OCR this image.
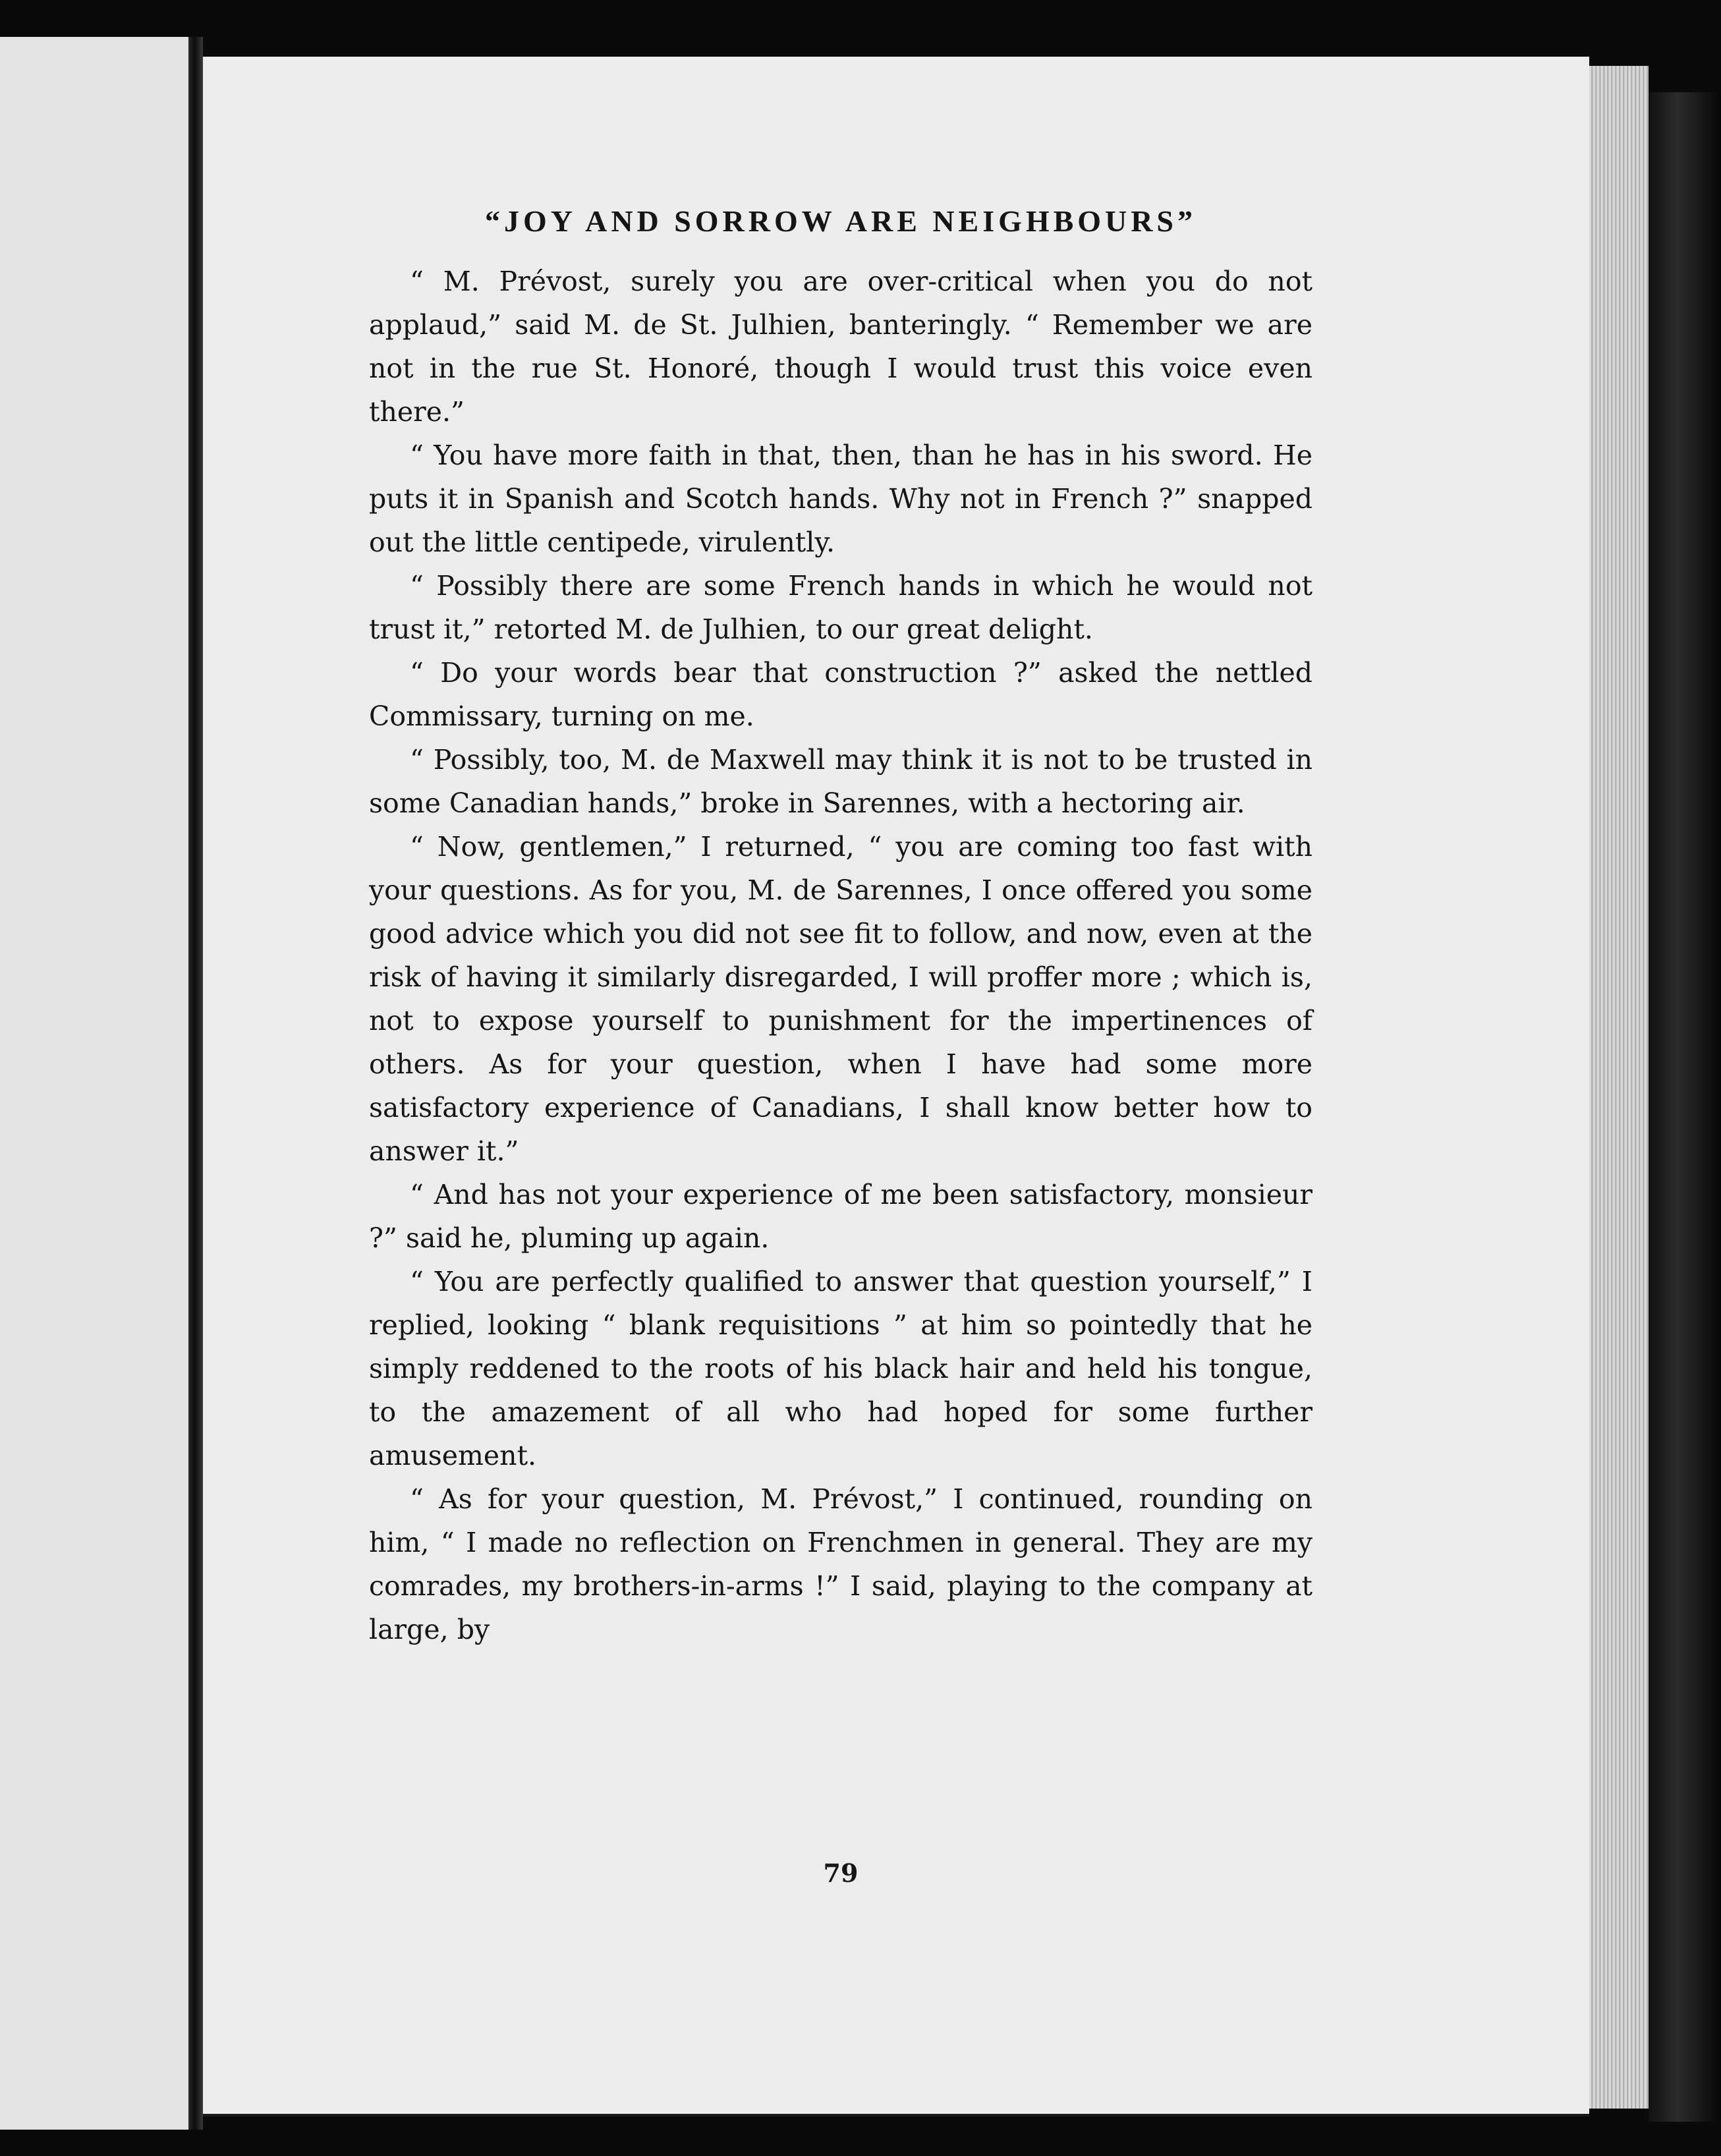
“JOY AND SORROW ARE NEIGHBOURS”

“ M. Prévost, surely you are over-critical when you do not applaud,” said M. de St. Julhien, banteringly. “ Remember we are not in the rue St. Honoré, though I would trust this voice even there.”

“ You have more faith in that, then, than he has in his sword. He puts it in Spanish and Scotch hands. Why not in French ?” snapped out the little centipede, virulently.

“ Possibly there are some French hands in which he would not trust it,” retorted M. de Julhien, to our great delight.

“ Do your words bear that construction ?” asked the nettled Commissary, turning on me.

“ Possibly, too, M. de Maxwell may think it is not to be trusted in some Canadian hands,” broke in Sarennes, with a hectoring air.

“ Now, gentlemen,” I returned, “ you are coming too fast with your questions. As for you, M. de Sarennes, I once offered you some good advice which you did not see fit to follow, and now, even at the risk of having it similarly disregarded, I will proffer more ; which is, not to expose yourself to punishment for the impertinences of others. As for your question, when I have had some more satisfactory experience of Canadians, I shall know better how to answer it.”

“ And has not your experience of me been satisfactory, monsieur ?” said he, pluming up again.

“ You are perfectly qualified to answer that question yourself,” I replied, looking “ blank requisitions ” at him so pointedly that he simply reddened to the roots of his black hair and held his tongue, to the amazement of all who had hoped for some further amusement.

“ As for your question, M. Prévost,” I continued, rounding on him, “ I made no reflection on Frenchmen in general. They are my comrades, my brothers-in-arms !” I said, playing to the company at large, by

79
